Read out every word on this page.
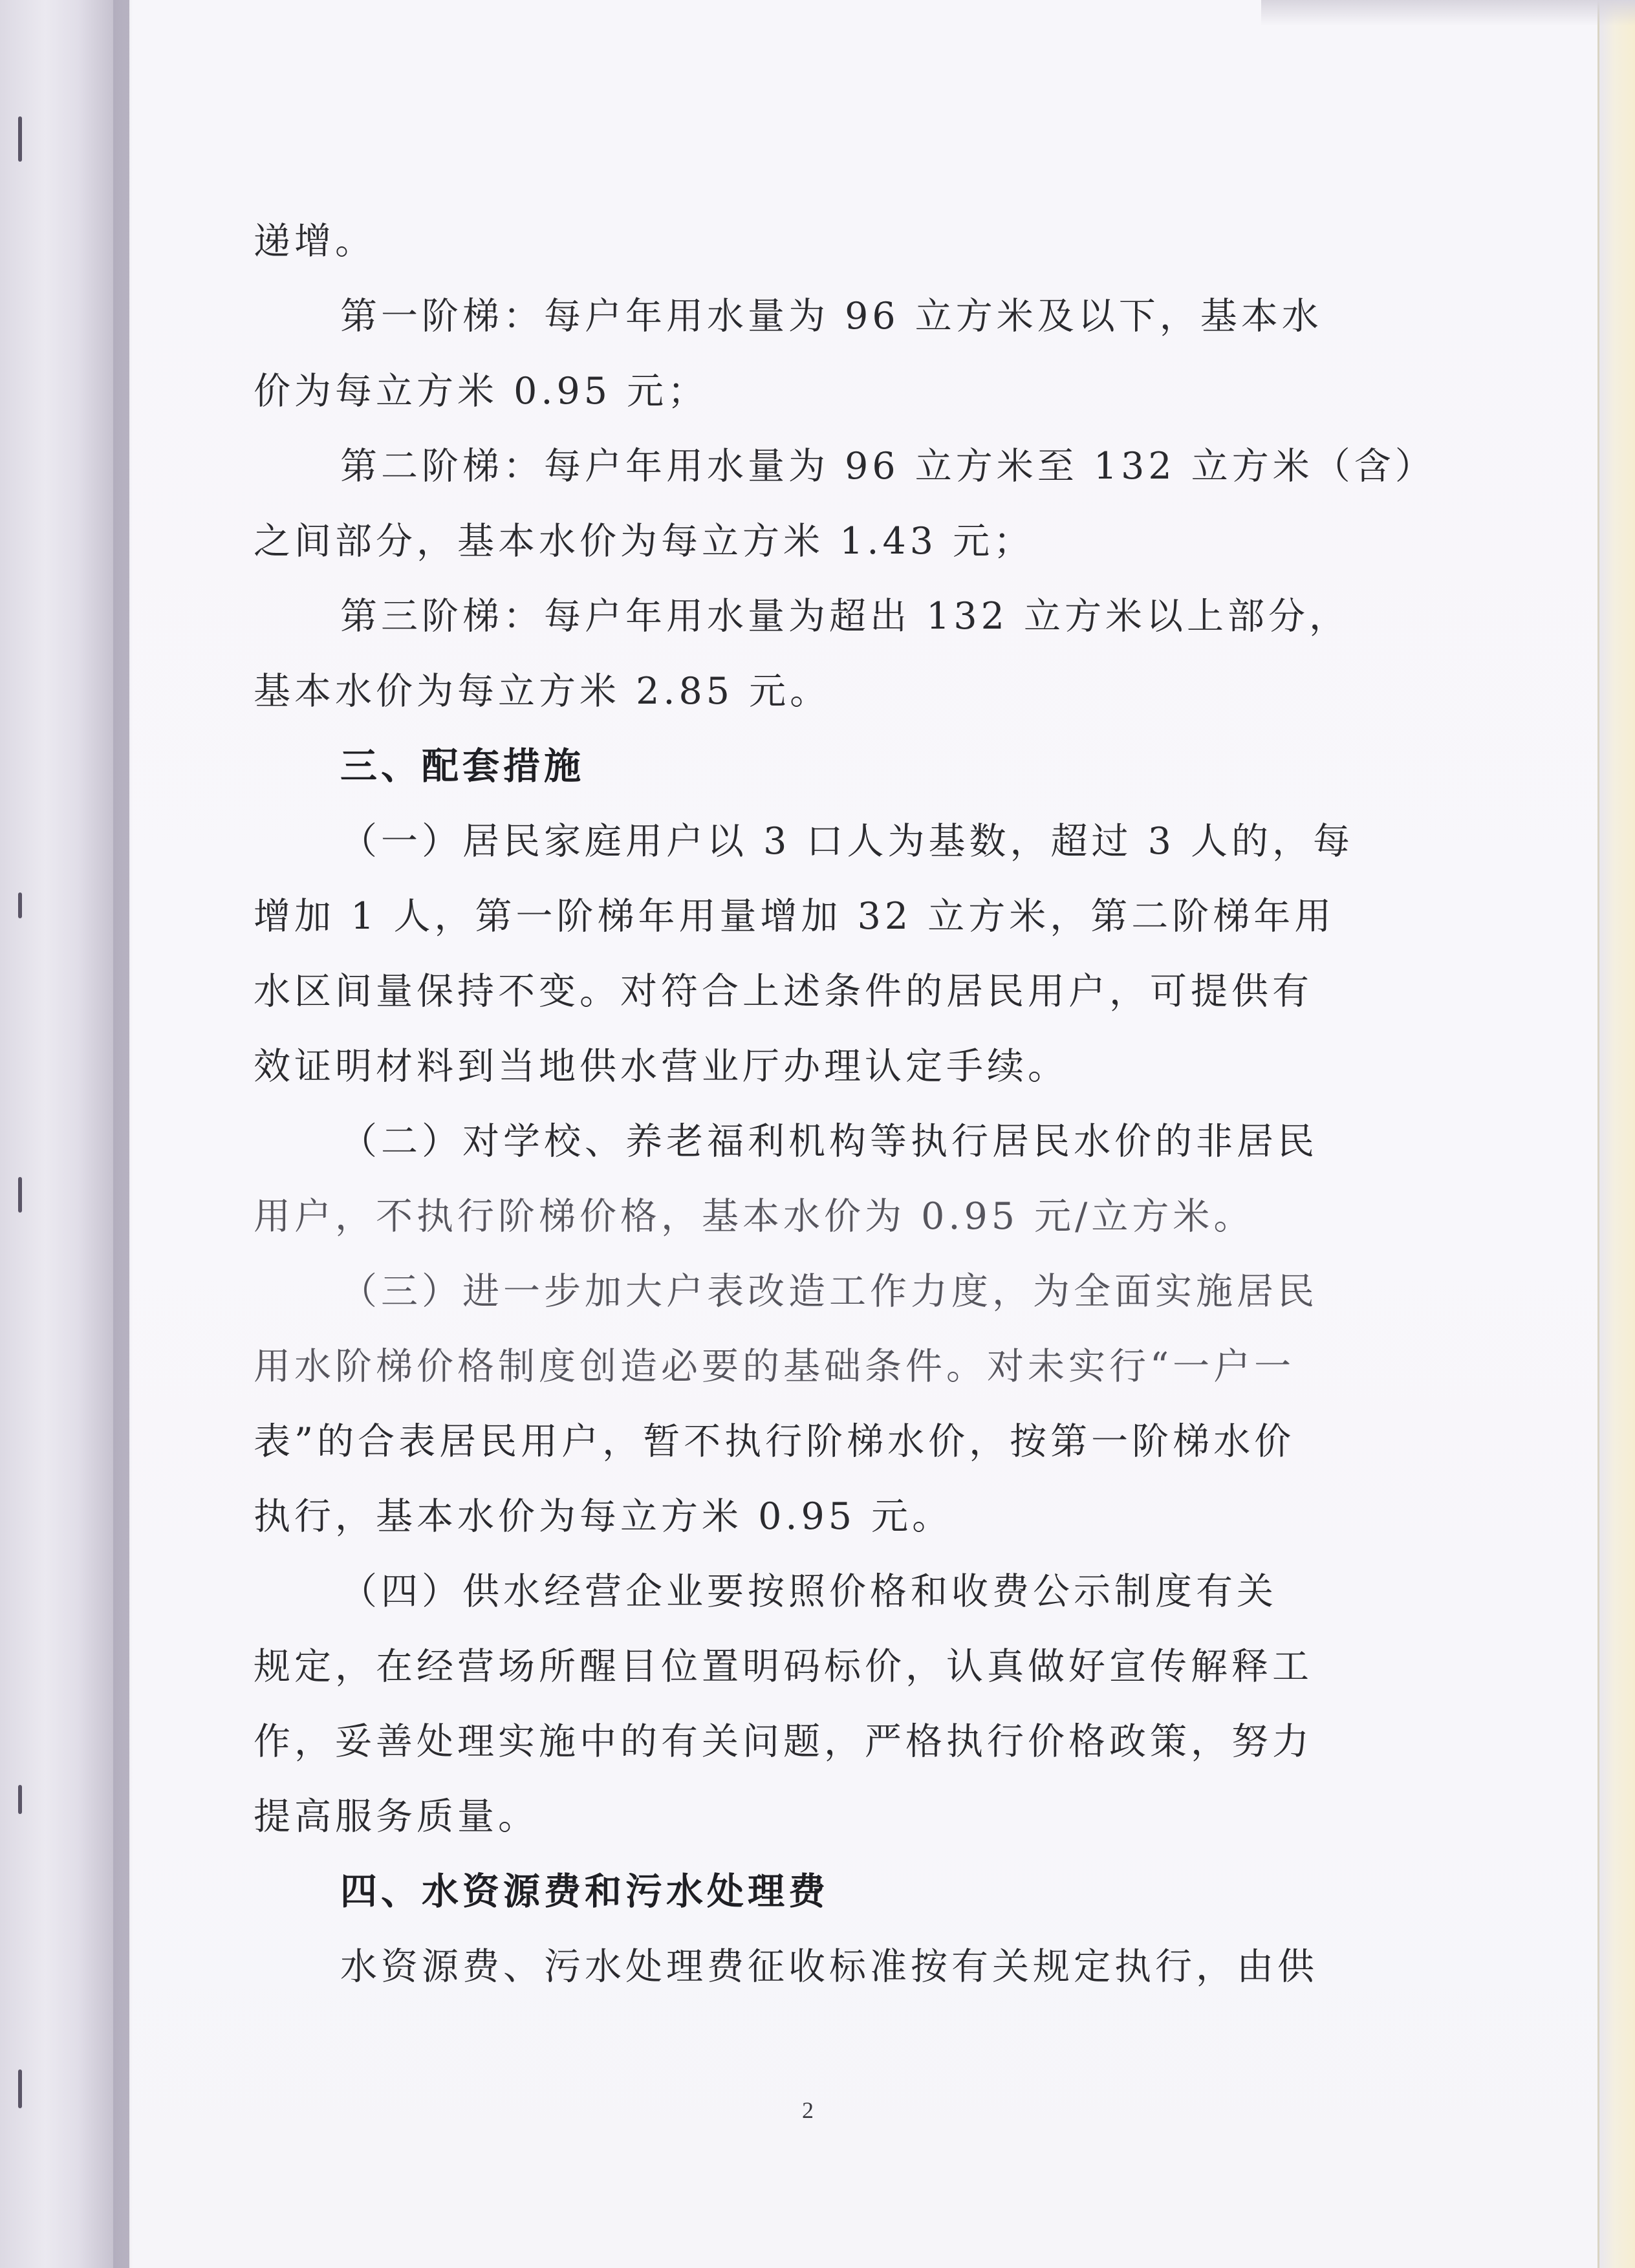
递增。
第一阶梯：每户年用水量为 96 立方米及以下，基本水
价为每立方米 0.95 元；
第二阶梯：每户年用水量为 96 立方米至 132 立方米（含）
之间部分，基本水价为每立方米 1.43 元；
第三阶梯：每户年用水量为超出 132 立方米以上部分，
基本水价为每立方米 2.85 元。
三、配套措施
（一）居民家庭用户以 3 口人为基数，超过 3 人的，每
增加 1 人，第一阶梯年用量增加 32 立方米，第二阶梯年用
水区间量保持不变。对符合上述条件的居民用户，可提供有
效证明材料到当地供水营业厅办理认定手续。
（二）对学校、养老福利机构等执行居民水价的非居民
用户，不执行阶梯价格，基本水价为 0.95 元/立方米。
（三）进一步加大户表改造工作力度，为全面实施居民
用水阶梯价格制度创造必要的基础条件。对未实行“一户一
表”的合表居民用户，暂不执行阶梯水价，按第一阶梯水价
执行，基本水价为每立方米 0.95 元。
（四）供水经营企业要按照价格和收费公示制度有关
规定，在经营场所醒目位置明码标价，认真做好宣传解释工
作，妥善处理实施中的有关问题，严格执行价格政策，努力
提高服务质量。
四、水资源费和污水处理费
水资源费、污水处理费征收标准按有关规定执行，由供
2
